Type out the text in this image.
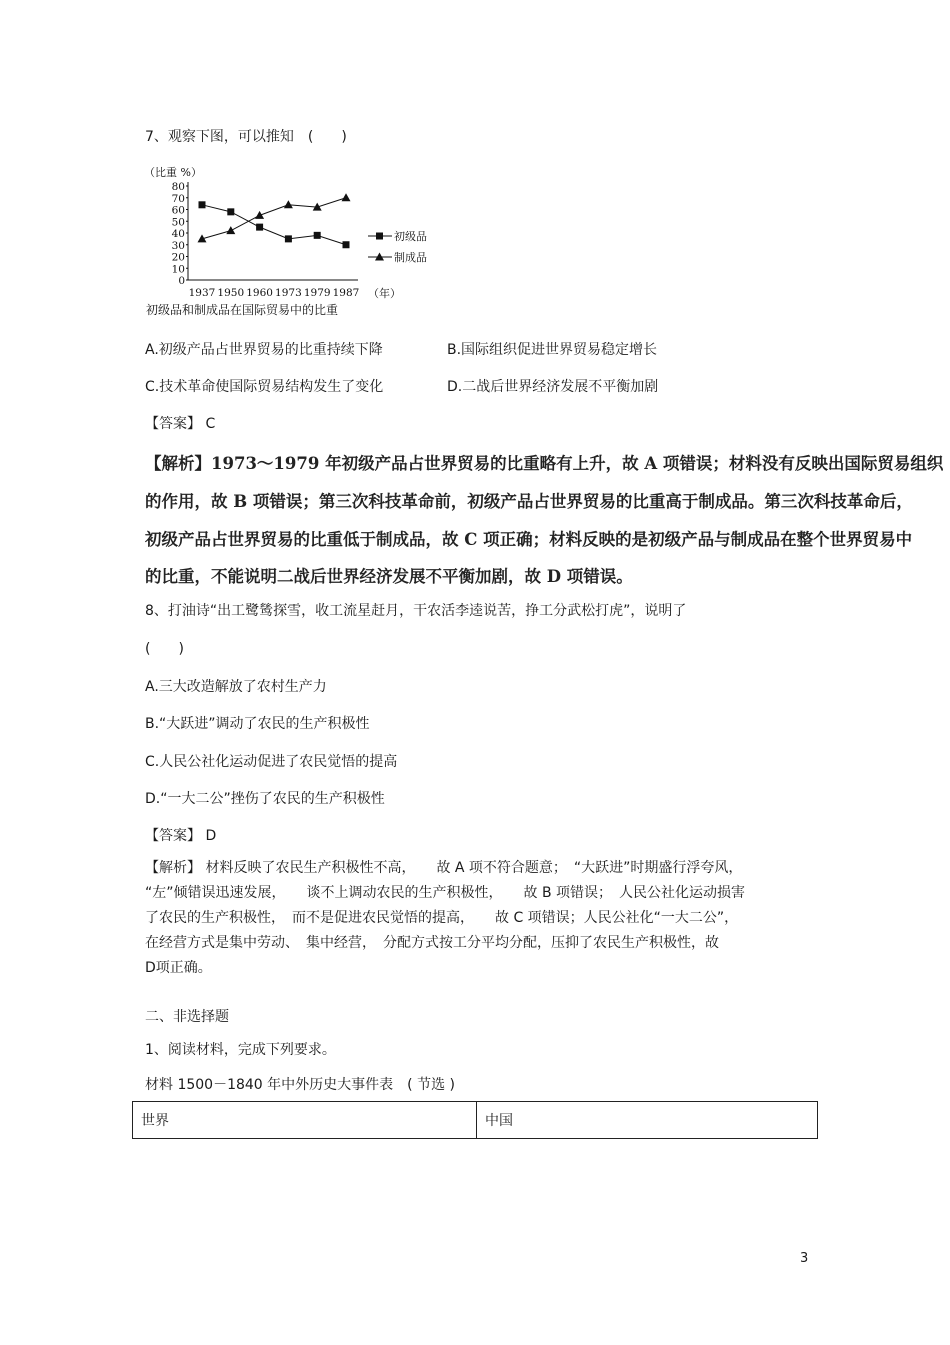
7、观察下图，可以推知　(　　)
（比重 %）
0
10
20
30
40
50
60
70
80
1937 1950 1960 1973 1979 1987
初级品
制成品
（年）
初级品和制成品在国际贸易中的比重
A.初级产品占世界贸易的比重持续下降	B.国际组织促进世界贸易稳定增长
C.技术革命使国际贸易结构发生了变化	D.二战后世界经济发展不平衡加剧
【答案】 C
【解析】1973～1979 年初级产品占世界贸易的比重略有上升，故 A 项错误；材料没有反映出国际贸易组织
的作用，故 B 项错误；第三次科技革命前，初级产品占世界贸易的比重高于制成品。第三次科技革命后，
初级产品占世界贸易的比重低于制成品，故 C 项正确；材料反映的是初级产品与制成品在整个世界贸易中
的比重，不能说明二战后世界经济发展不平衡加剧，故 D 项错误。
8、打油诗“出工鹭鸶探雪，收工流星赶月，干农活李逵说苦，挣工分武松打虎”，说明了
(　　)
A.三大改造解放了农村生产力
B.“大跃进”调动了农民的生产积极性
C.人民公社化运动促进了农民觉悟的提高
D.“一大二公”挫伤了农民的生产积极性
【答案】 D
【解析】 材料反映了农民生产积极性不高，　　故 A 项不符合题意；　“大跃进”时期盛行浮夸风，
“左”倾错误迅速发展，　　谈不上调动农民的生产积极性，　　故 B 项错误；　人民公社化运动损害
了农民的生产积极性，　而不是促进农民觉悟的提高，　　故 C 项错误；人民公社化“一大二公”，
在经营方式是集中劳动、　集中经营，　分配方式按工分平均分配，压抑了农民生产积极性，故
D项正确。
二、非选择题
1、阅读材料，完成下列要求。
材料 1500－1840 年中外历史大事件表　( 节选 )
世界	中国
3
